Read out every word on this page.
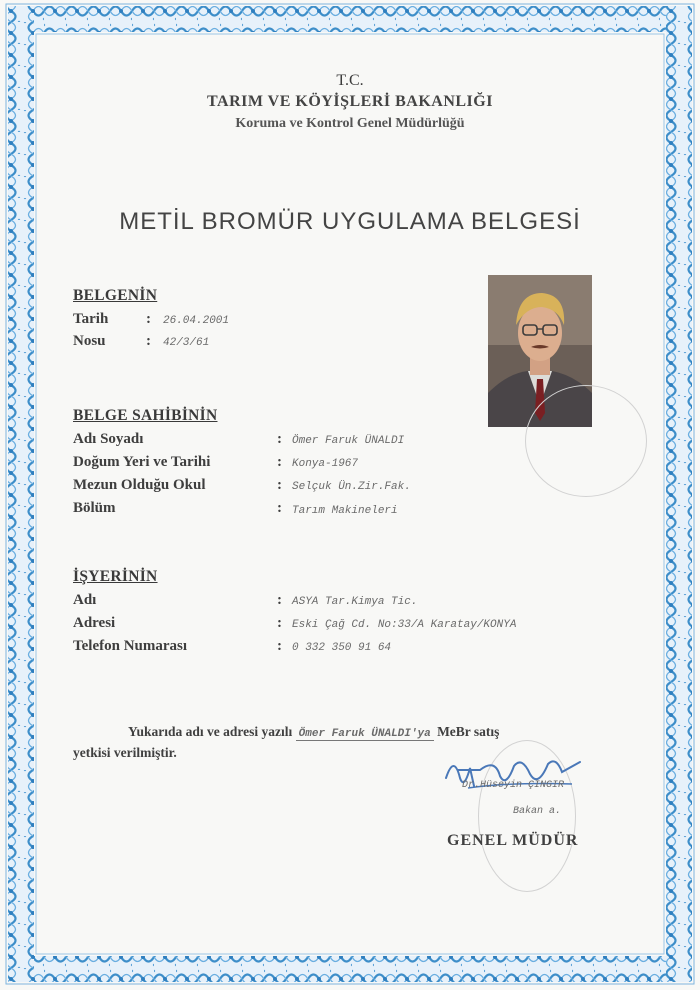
T.C.
TARIM VE KÖYİŞLERİ BAKANLIĞI
Koruma ve Kontrol Genel Müdürlüğü
METİL BROMÜR UYGULAMA BELGESİ
BELGENİN
Tarih	: 26.04.2001
Nosu	: 42/3/61
BELGE SAHİBİNİN
Adı Soyadı	: Ömer Faruk ÜNALDI
Doğum Yeri ve Tarihi	: Konya-1967
Mezun Olduğu Okul	: Selçuk Ün.Zir.Fak.
Bölüm	: Tarım Makineleri
İŞYERİNİN
Adı	: ASYA Tar.Kimya Tic.
Adresi	: Eski Çağ Cd. No:33/A Karatay/KONYA
Telefon Numarası	: 0 332 350 91 64
Yukarıda adı ve adresi yazılı Ömer Faruk ÜNALDI'ya MeBr satış
yetkisi verilmiştir.
Dr.Hüseyin ÇINGIR
Bakan a.
GENEL MÜDÜR
